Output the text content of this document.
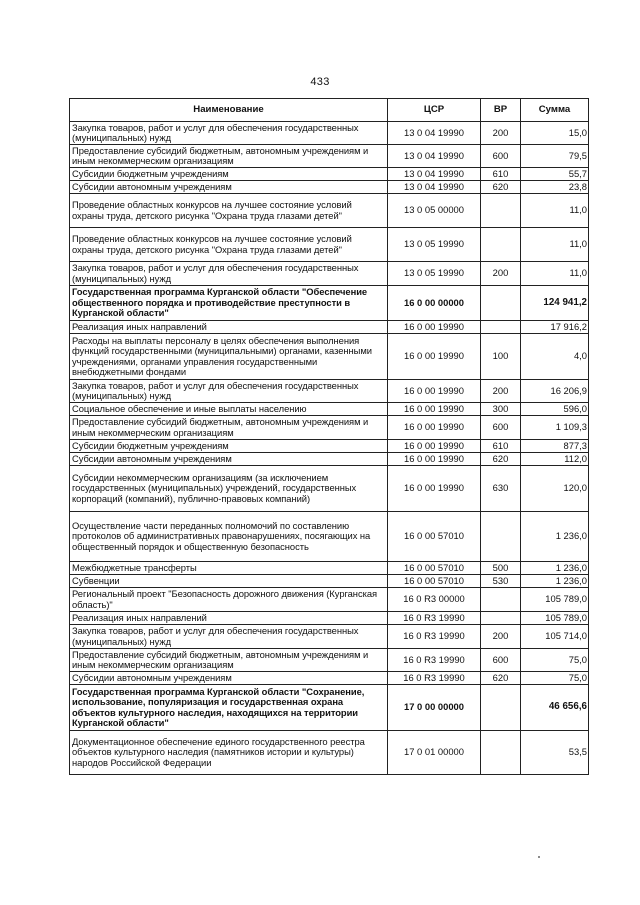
433
Наименование	ЦСР	ВР	Сумма
Закупка товаров, работ и услуг для обеспечения государственных (муниципальных) нужд	13 0 04 19990	200	15,0
Предоставление субсидий бюджетным, автономным учреждениям и иным некоммерческим организациям	13 0 04 19990	600	79,5
Субсидии бюджетным учреждениям	13 0 04 19990	610	55,7
Субсидии автономным учреждениям	13 0 04 19990	620	23,8
Проведение областных конкурсов на лучшее состояние условий охраны труда, детского рисунка "Охрана труда глазами детей"	13 0 05 00000		11,0
Проведение областных конкурсов на лучшее состояние условий охраны труда, детского рисунка "Охрана труда глазами детей"	13 0 05 19990		11,0
Закупка товаров, работ и услуг для обеспечения государственных (муниципальных) нужд	13 0 05 19990	200	11,0
Государственная программа Курганской области "Обеспечение общественного порядка и противодействие преступности в Курганской области"	16 0 00 00000		124 941,2
Реализация иных направлений	16 0 00 19990		17 916,2
Расходы на выплаты персоналу в целях обеспечения выполнения функций государственными (муниципальными) органами, казенными учреждениями, органами управления государственными внебюджетными фондами	16 0 00 19990	100	4,0
Закупка товаров, работ и услуг для обеспечения государственных (муниципальных) нужд	16 0 00 19990	200	16 206,9
Социальное обеспечение и иные выплаты населению	16 0 00 19990	300	596,0
Предоставление субсидий бюджетным, автономным учреждениям и иным некоммерческим организациям	16 0 00 19990	600	1 109,3
Субсидии бюджетным учреждениям	16 0 00 19990	610	877,3
Субсидии автономным учреждениям	16 0 00 19990	620	112,0
Субсидии некоммерческим организациям (за исключением государственных (муниципальных) учреждений, государственных корпораций (компаний), публично-правовых компаний)	16 0 00 19990	630	120,0
Осуществление части переданных полномочий по составлению протоколов об административных правонарушениях, посягающих на общественный порядок и общественную безопасность	16 0 00 57010		1 236,0
Межбюджетные трансферты	16 0 00 57010	500	1 236,0
Субвенции	16 0 00 57010	530	1 236,0
Региональный проект "Безопасность дорожного движения (Курганская область)"	16 0 R3 00000		105 789,0
Реализация иных направлений	16 0 R3 19990		105 789,0
Закупка товаров, работ и услуг для обеспечения государственных (муниципальных) нужд	16 0 R3 19990	200	105 714,0
Предоставление субсидий бюджетным, автономным учреждениям и иным некоммерческим организациям	16 0 R3 19990	600	75,0
Субсидии автономным учреждениям	16 0 R3 19990	620	75,0
Государственная программа Курганской области "Сохранение, использование, популяризация и государственная охрана объектов культурного наследия, находящихся на территории Курганской области"	17 0 00 00000		46 656,6
Документационное обеспечение единого государственного реестра объектов культурного наследия (памятников истории и культуры) народов Российской Федерации	17 0 01 00000		53,5
